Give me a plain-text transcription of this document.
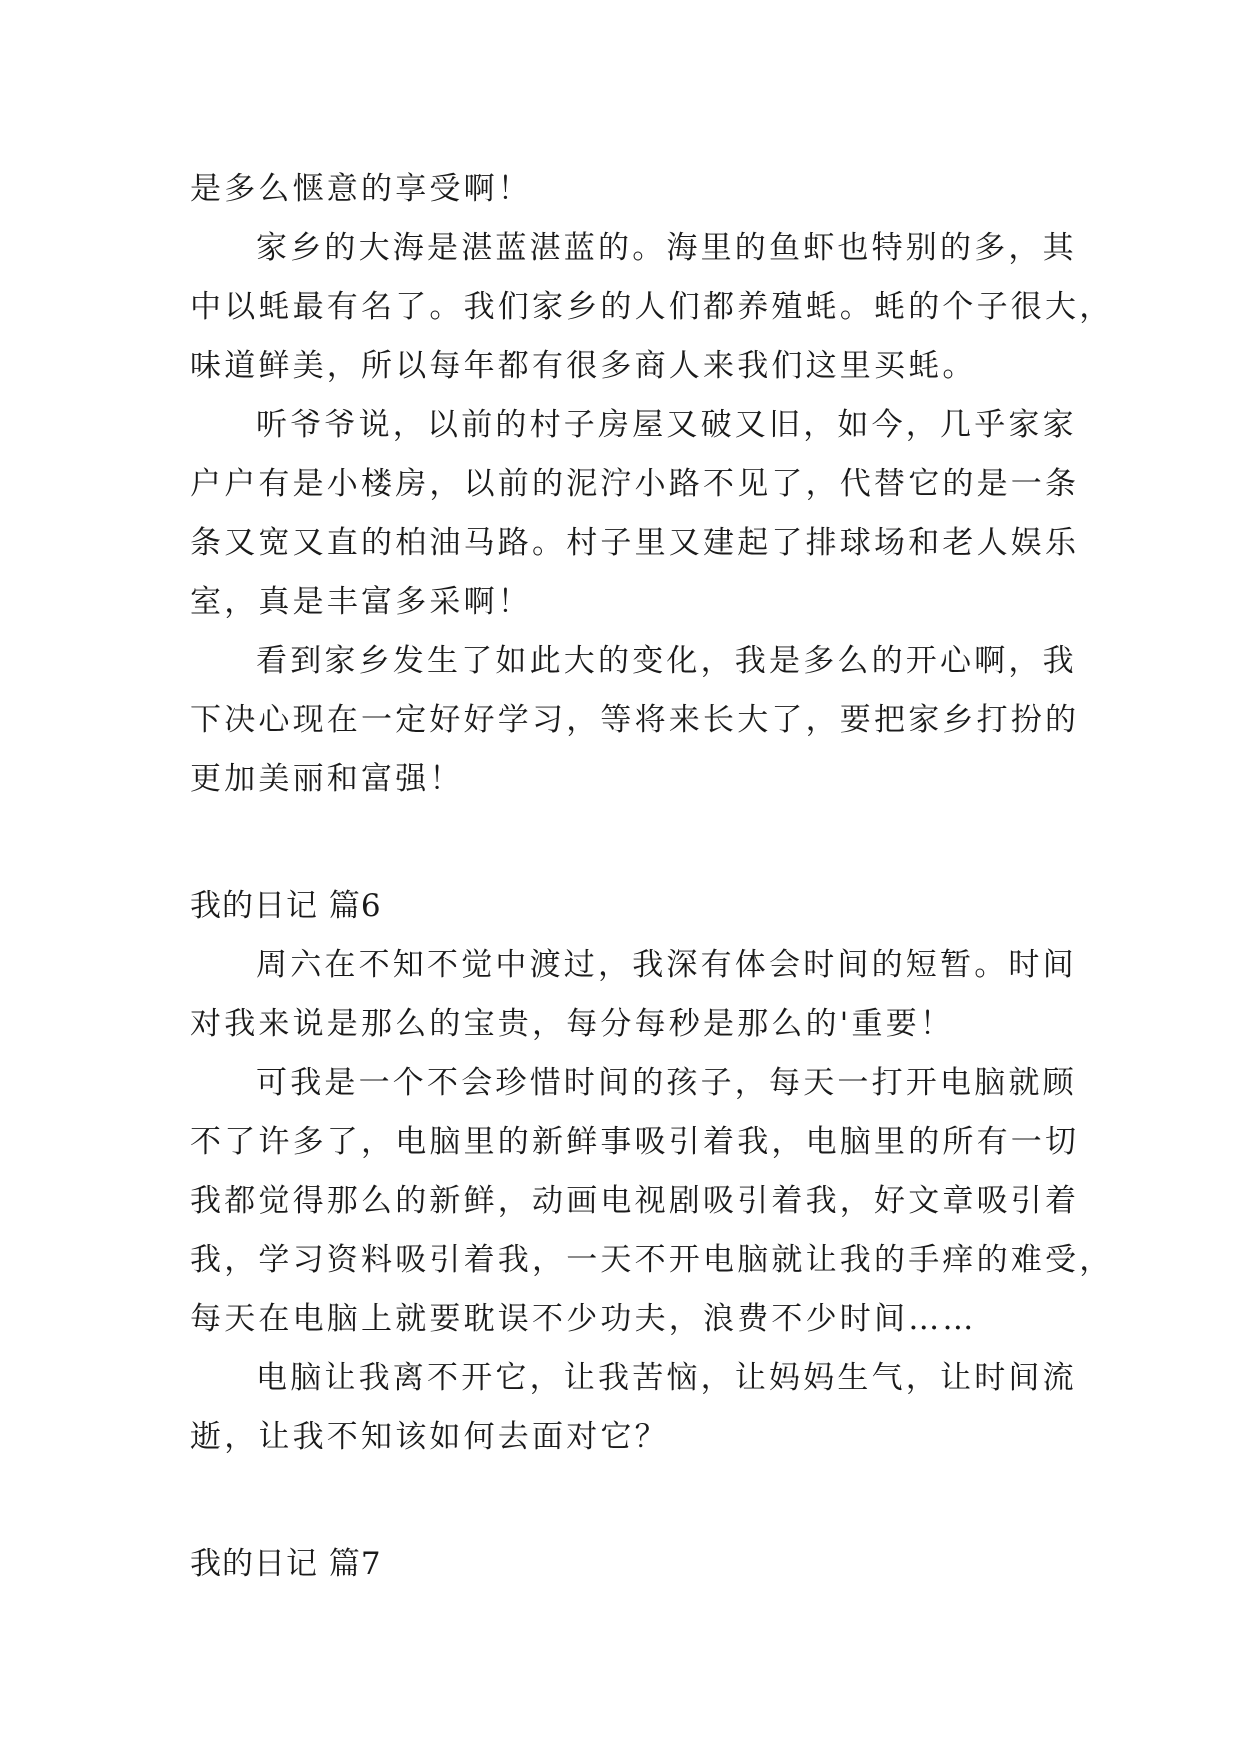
是多么惬意的享受啊！
家乡的大海是湛蓝湛蓝的。海里的鱼虾也特别的多，其
中以蚝最有名了。我们家乡的人们都养殖蚝。蚝的个子很大，
味道鲜美，所以每年都有很多商人来我们这里买蚝。
听爷爷说，以前的村子房屋又破又旧，如今，几乎家家
户户有是小楼房，以前的泥泞小路不见了，代替它的是一条
条又宽又直的柏油马路。村子里又建起了排球场和老人娱乐
室，真是丰富多采啊！
看到家乡发生了如此大的变化，我是多么的开心啊，我
下决心现在一定好好学习，等将来长大了，要把家乡打扮的
更加美丽和富强！
我的日记 篇6
周六在不知不觉中渡过，我深有体会时间的短暂。时间
对我来说是那么的宝贵，每分每秒是那么的'重要！
可我是一个不会珍惜时间的孩子，每天一打开电脑就顾
不了许多了，电脑里的新鲜事吸引着我，电脑里的所有一切
我都觉得那么的新鲜，动画电视剧吸引着我，好文章吸引着
我，学习资料吸引着我，一天不开电脑就让我的手痒的难受，
每天在电脑上就要耽误不少功夫，浪费不少时间……
电脑让我离不开它，让我苦恼，让妈妈生气，让时间流
逝，让我不知该如何去面对它？
我的日记 篇7
